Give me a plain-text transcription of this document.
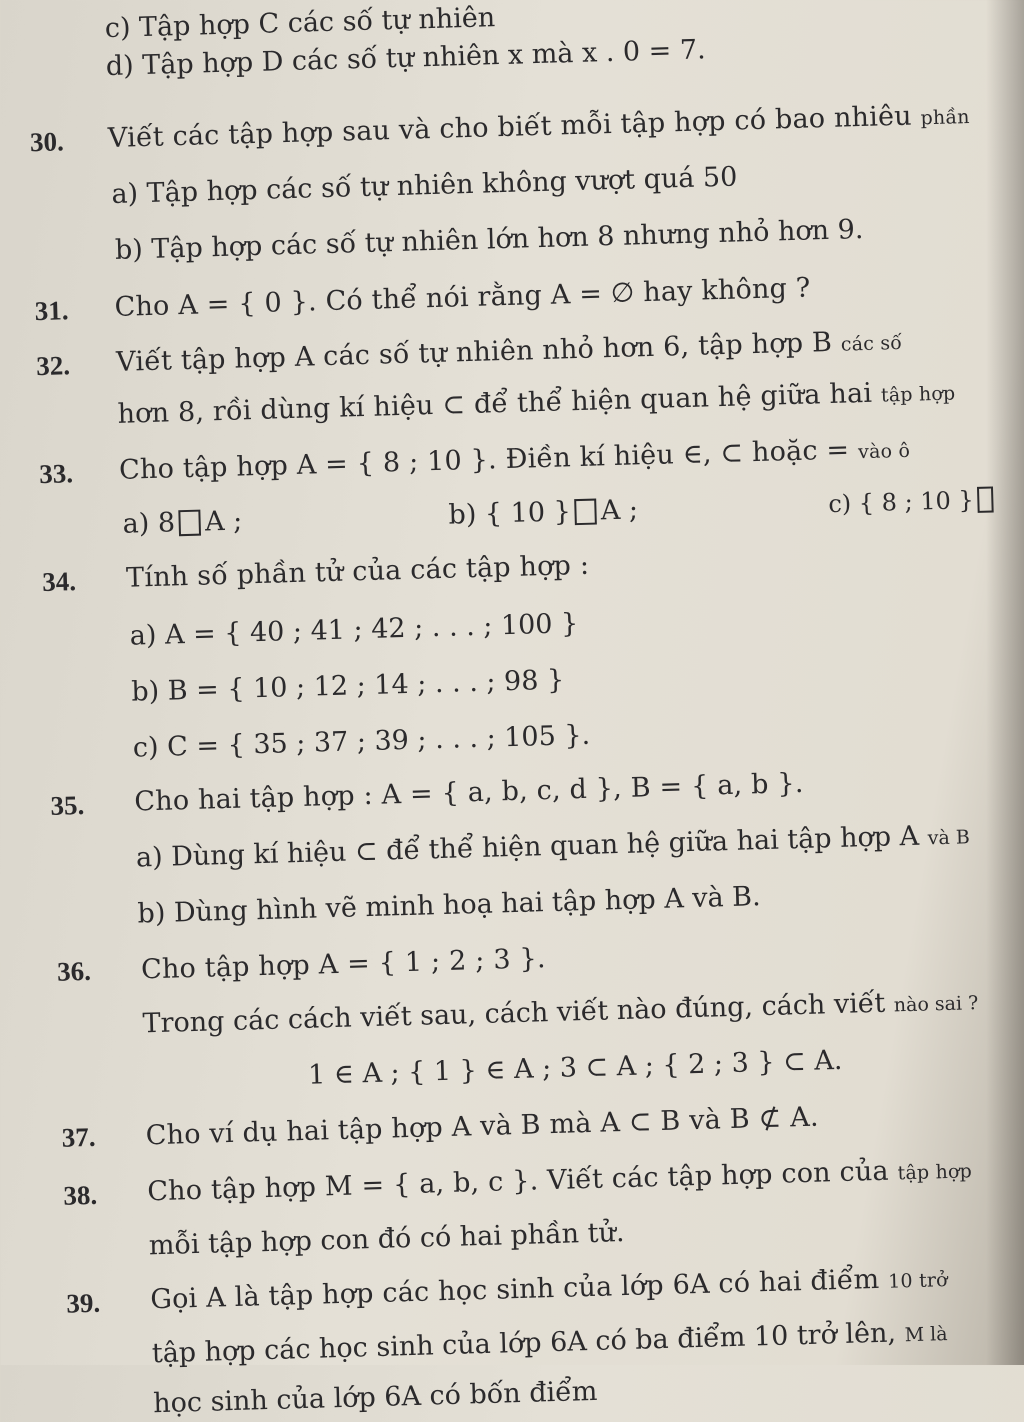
c) Tập hợp C các số tự nhiên
d) Tập hợp D các số tự nhiên x mà x . 0 = 7.
30. Viết các tập hợp sau và cho biết mỗi tập hợp có bao nhiêu phần
a) Tập hợp các số tự nhiên không vượt quá 50
b) Tập hợp các số tự nhiên lớn hơn 8 nhưng nhỏ hơn 9.
31. Cho A = { 0 }. Có thể nói rằng A = ∅ hay không ?
32. Viết tập hợp A các số tự nhiên nhỏ hơn 6, tập hợp B các số
hơn 8, rồi dùng kí hiệu ⊂ để thể hiện quan hệ giữa hai tập hợp
33. Cho tập hợp A = { 8 ; 10 }. Điền kí hiệu ∈, ⊂ hoặc = vào ô
a) 8 A ;	b) { 10 } A ;	c) { 8 ; 10 }
34. Tính số phần tử của các tập hợp :
a) A = { 40 ; 41 ; 42 ; . . . ; 100 }
b) B = { 10 ; 12 ; 14 ; . . . ; 98 }
c) C = { 35 ; 37 ; 39 ; . . . ; 105 }.
35. Cho hai tập hợp : A = { a, b, c, d }, B = { a, b }.
a) Dùng kí hiệu ⊂ để thể hiện quan hệ giữa hai tập hợp A và B
b) Dùng hình vẽ minh hoạ hai tập hợp A và B.
36. Cho tập hợp A = { 1 ; 2 ; 3 }.
Trong các cách viết sau, cách viết nào đúng, cách viết nào sai ?
1 ∈ A ; { 1 } ∈ A ; 3 ⊂ A ; { 2 ; 3 } ⊂ A.
37. Cho ví dụ hai tập hợp A và B mà A ⊂ B và B ⊄ A.
38. Cho tập hợp M = { a, b, c }. Viết các tập hợp con của tập hợp
mỗi tập hợp con đó có hai phần tử.
39. Gọi A là tập hợp các học sinh của lớp 6A có hai điểm 10 trở
tập hợp các học sinh của lớp 6A có ba điểm 10 trở lên, M là
học sinh của lớp 6A có bốn điểm
